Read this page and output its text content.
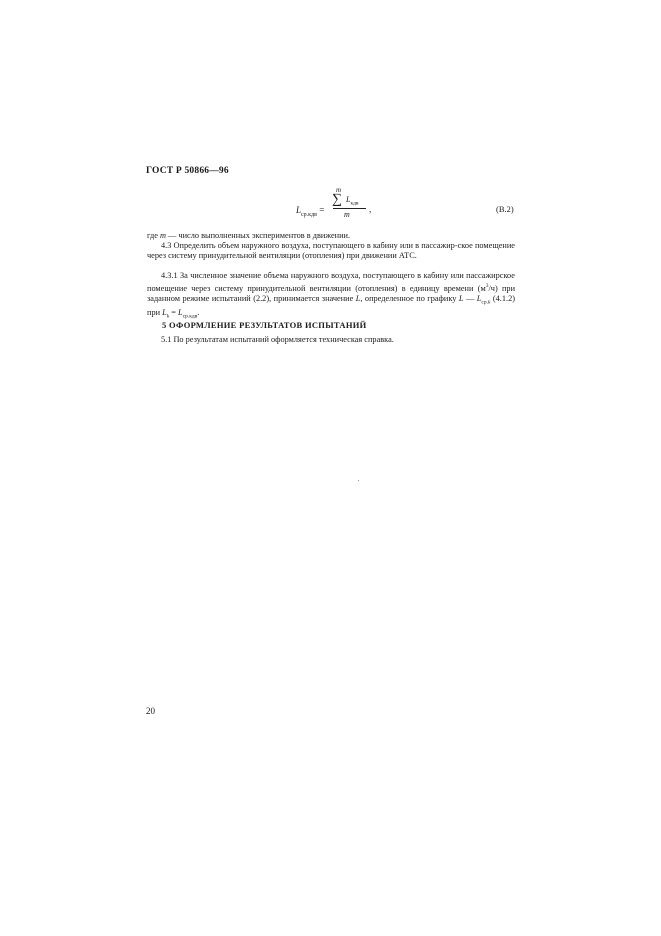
ГОСТ Р 50866—96
$L_{ср.кдв}$ =
m
∑ $L_{кдв}$
m
,	(В.2)
где m — число выполненных экспериментов в движении.
4.3 Определить объем наружного воздуха, поступающего в кабину или в пассажир-ское помещение через систему принудительной вентиляции (отопления) при движении АТС.
4.3.1 За численное значение объема наружного воздуха, поступающего в кабину или пассажирское помещение через систему принудительной вентиляции (отопления) в единицу времени $(м^3/ч)$ при заданном режиме испытаний (2.2), принимается значение L, определенное по графику L — $L_{ср.k}$ (4.1.2) при $L_k = L_{ср.кдв}$.
5 ОФОРМЛЕНИЕ РЕЗУЛЬТАТОВ ИСПЫТАНИЙ
5.1 По результатам испытаний оформляется техническая справка.
20
